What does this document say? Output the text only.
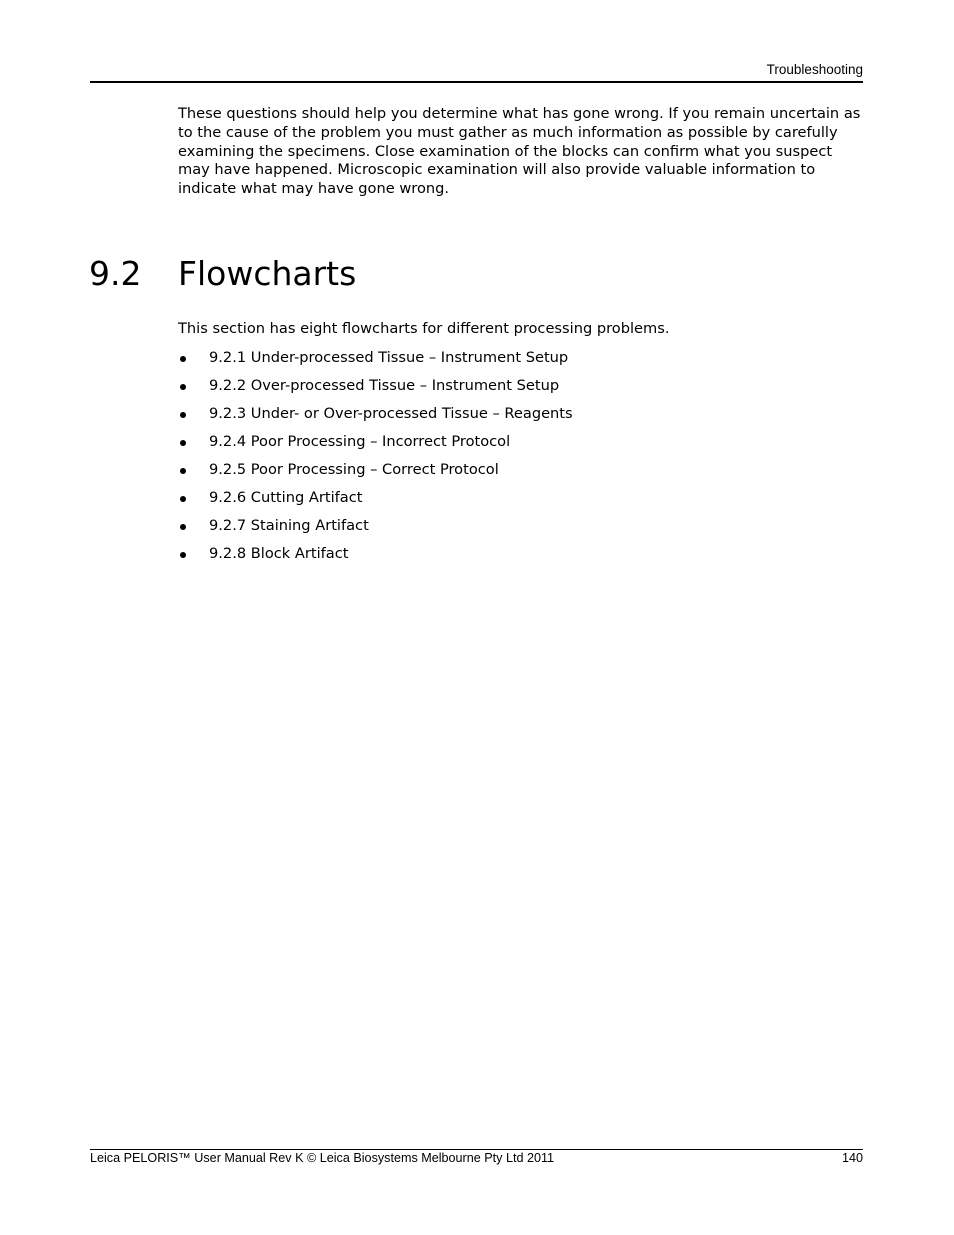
Troubleshooting

These questions should help you determine what has gone wrong. If you remain uncertain as to the cause of the problem you must gather as much information as possible by carefully examining the specimens. Close examination of the blocks can confirm what you suspect may have happened. Microscopic examination will also provide valuable information to indicate what may have gone wrong.

9.2 Flowcharts

This section has eight flowcharts for different processing problems.

9.2.1 Under-processed Tissue – Instrument Setup
9.2.2 Over-processed Tissue – Instrument Setup
9.2.3 Under- or Over-processed Tissue – Reagents
9.2.4 Poor Processing – Incorrect Protocol
9.2.5 Poor Processing – Correct Protocol
9.2.6 Cutting Artifact
9.2.7 Staining Artifact
9.2.8 Block Artifact
Leica PELORIS™ User Manual Rev K © Leica Biosystems Melbourne Pty Ltd 2011	140
